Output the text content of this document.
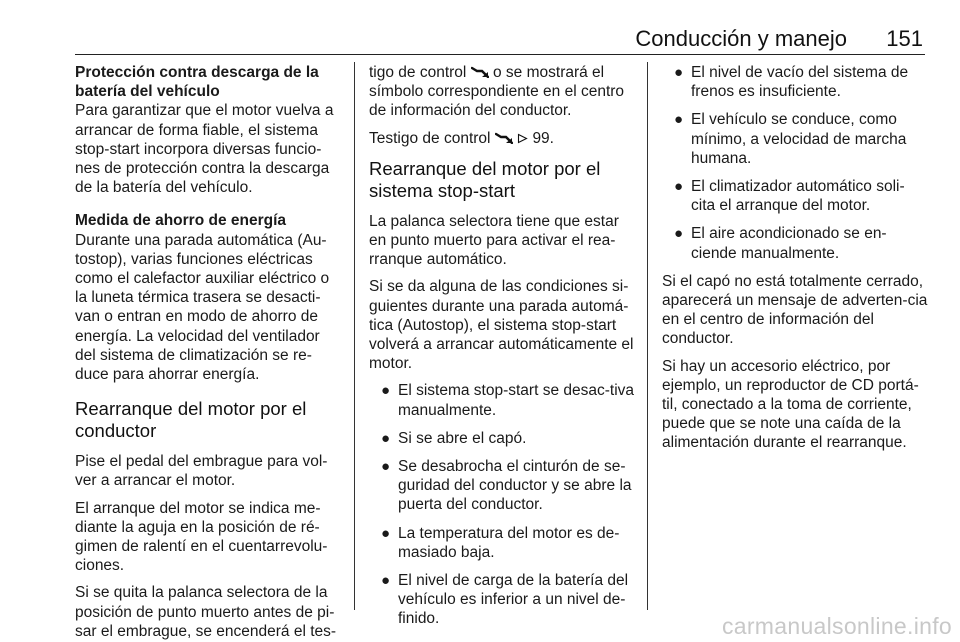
Conducción y manejo 151
Protección contra descarga de la batería del vehículo
Para garantizar que el motor vuelva a arrancar de forma fiable, el sistema stop-start incorpora diversas funcio-nes de protección contra la descarga de la batería del vehículo.
Medida de ahorro de energía
Durante una parada automática (Au-tostop), varias funciones eléctricas como el calefactor auxiliar eléctrico o la luneta térmica trasera se desacti-van o entran en modo de ahorro de energía. La velocidad del ventilador del sistema de climatización se re-duce para ahorrar energía.
Rearranque del motor por el conductor
Pise el pedal del embrague para vol-ver a arrancar el motor.
El arranque del motor se indica me-diante la aguja en la posición de ré-gimen de ralentí en el cuentarrevolu-ciones.
Si se quita la palanca selectora de la posición de punto muerto antes de pi-sar el embrague, se encenderá el tes-
tigo de control o se mostrará el símbolo correspondiente en el centro de información del conductor.
Testigo de control	99.
Rearranque del motor por el sistema stop-start
La palanca selectora tiene que estar en punto muerto para activar el rea-rranque automático.
Si se da alguna de las condiciones si-guientes durante una parada automá-tica (Autostop), el sistema stop-start volverá a arrancar automáticamente el motor.
● El sistema stop-start se desac-tiva manualmente.
● Si se abre el capó.
● Se desabrocha el cinturón de se-guridad del conductor y se abre la puerta del conductor.
● La temperatura del motor es de-masiado baja.
● El nivel de carga de la batería del vehículo es inferior a un nivel de-finido.
● El nivel de vacío del sistema de frenos es insuficiente.
● El vehículo se conduce, como mínimo, a velocidad de marcha humana.
● El climatizador automático soli-cita el arranque del motor.
● El aire acondicionado se en-ciende manualmente.
Si el capó no está totalmente cerrado, aparecerá un mensaje de adverten-cia en el centro de información del conductor.
Si hay un accesorio eléctrico, por ejemplo, un reproductor de CD portá-til, conectado a la toma de corriente, puede que se note una caída de la alimentación durante el rearranque.
carmanualsonline.info
